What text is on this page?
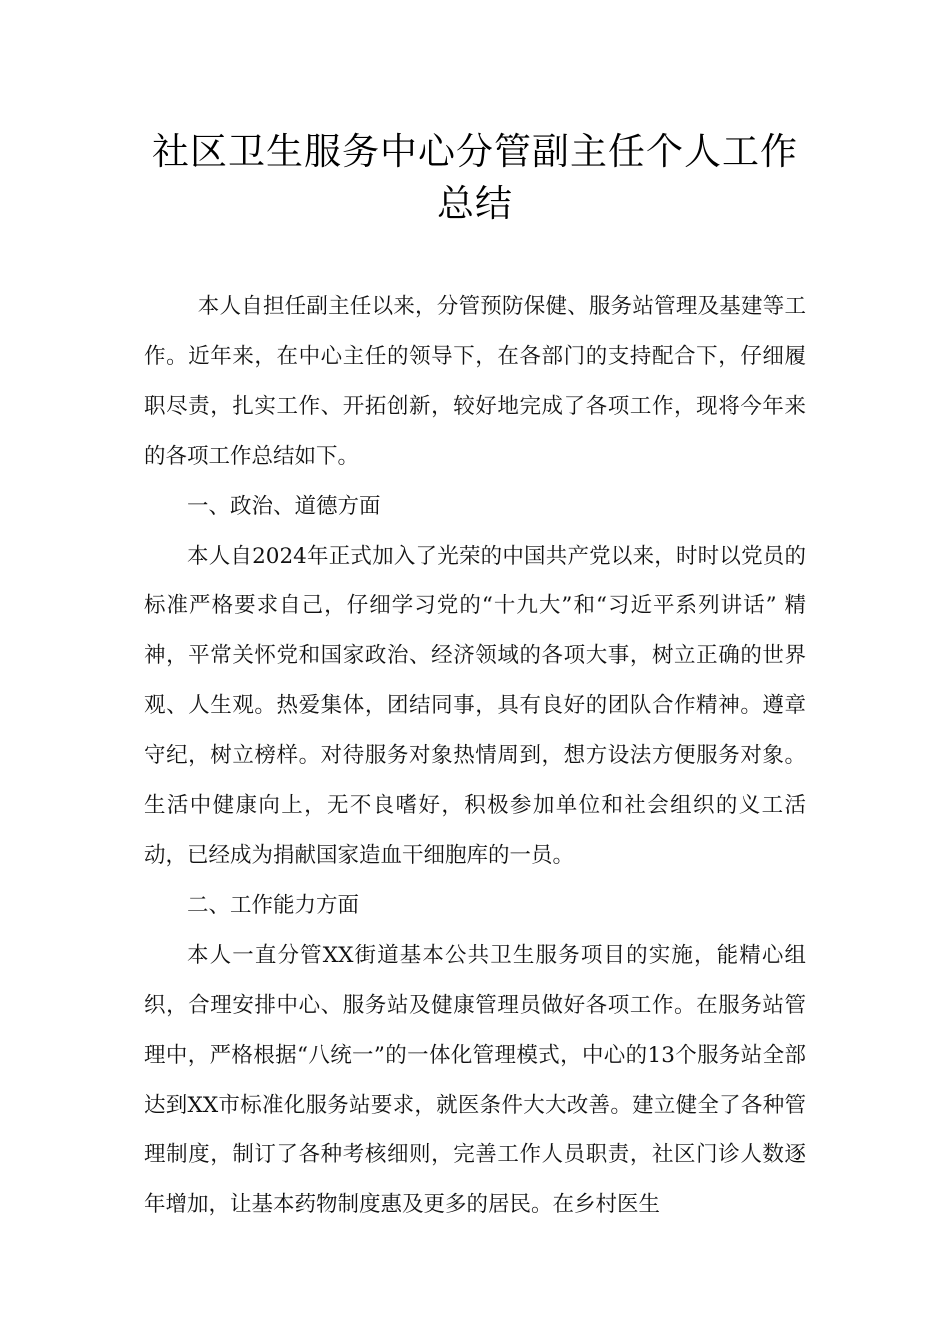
社区卫生服务中心分管副主任个人工作
总结

本人自担任副主任以来，分管预防保健、服务站管理及基建等工作。近年来，在中心主任的领导下，在各部门的支持配合下，仔细履职尽责，扎实工作、开拓创新，较好地完成了各项工作，现将今年来的各项工作总结如下。

一、政治、道德方面

本人自2024年正式加入了光荣的中国共产党以来，时时以党员的标准严格要求自己，仔细学习党的“十九大”和“习近平系列讲话” 精神，平常关怀党和国家政治、经济领域的各项大事，树立正确的世界观、人生观。热爱集体，团结同事，具有良好的团队合作精神。遵章守纪，树立榜样。对待服务对象热情周到，想方设法方便服务对象。生活中健康向上，无不良嗜好，积极参加单位和社会组织的义工活动，已经成为捐献国家造血干细胞库的一员。

二、工作能力方面

本人一直分管XX街道基本公共卫生服务项目的实施，能精心组织，合理安排中心、服务站及健康管理员做好各项工作。在服务站管理中，严格根据“八统一”的一体化管理模式，中心的13个服务站全部达到XX市标准化服务站要求，就医条件大大改善。建立健全了各种管理制度，制订了各种考核细则，完善工作人员职责，社区门诊人数逐年增加，让基本药物制度惠及更多的居民。在乡村医生
